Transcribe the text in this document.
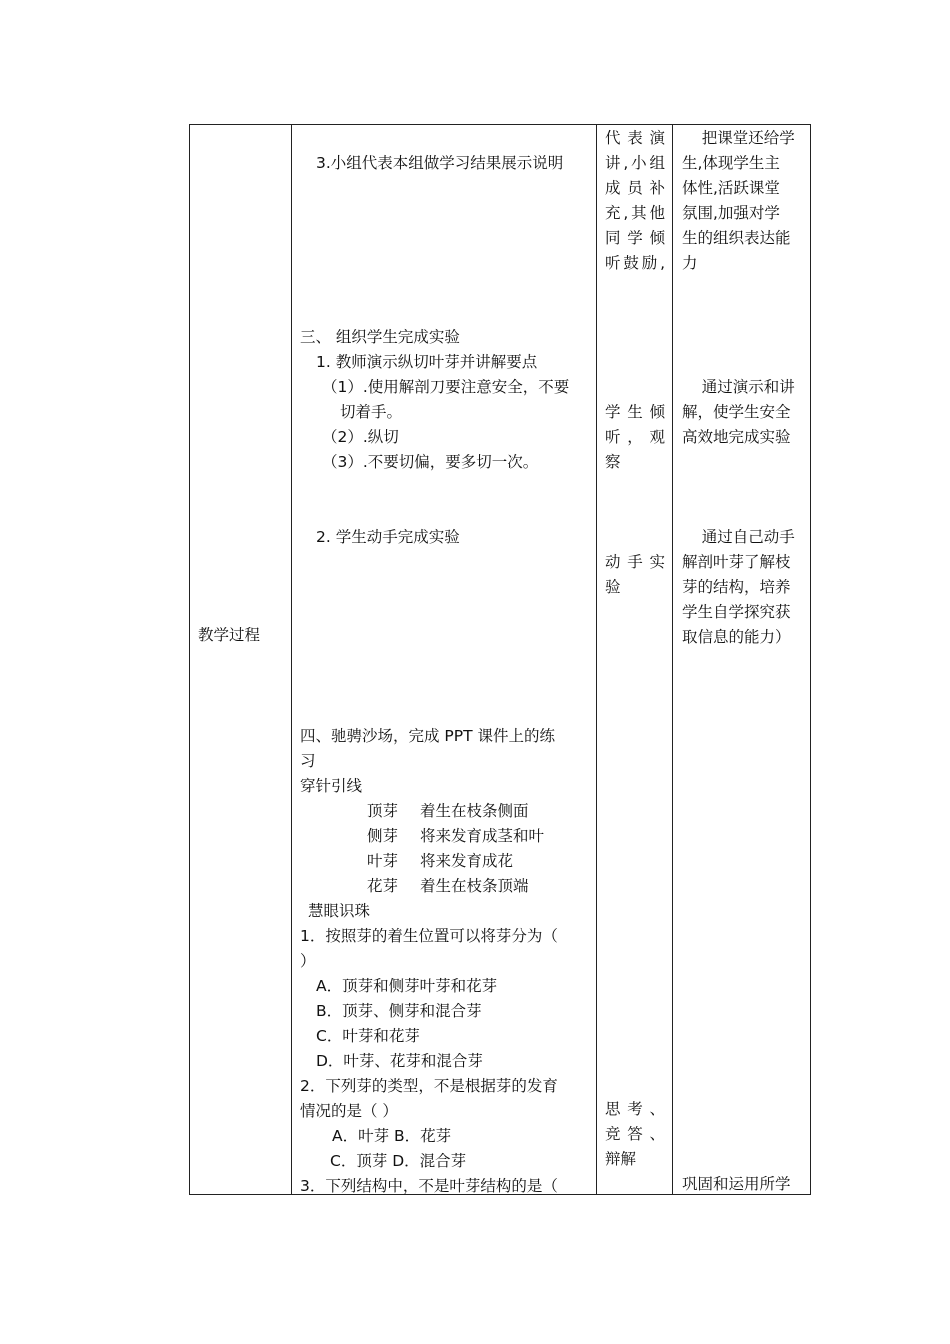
教学过程
3.小组代表本组做学习结果展示说明
三、 组织学生完成实验
1. 教师演示纵切叶芽并讲解要点
（1）.使用解剖刀要注意安全，不要
切着手。
（2）.纵切
（3）.不要切偏，要多切一次。
2. 学生动手完成实验
四、驰骋沙场，完成 PPT 课件上的练
习
穿针引线
顶芽 着生在枝条侧面
侧芽 将来发育成茎和叶
叶芽 将来发育成花
花芽 着生在枝条顶端
慧眼识珠
1．按照芽的着生位置可以将芽分为（
）
A．顶芽和侧芽叶芽和花芽
B．顶芽、侧芽和混合芽
C．叶芽和花芽
D．叶芽、花芽和混合芽
2．下列芽的类型，不是根据芽的发育
情况的是（ ）
A．叶芽 B．花芽
C．顶芽 D．混合芽
3．下列结构中，不是叶芽结构的是（
代表演
讲,小组
成员补
充,其他
同学倾
听鼓励,
学生倾
听，观
察
动手实
验
思考、
竞答、
辩解
把课堂还给学
生,体现学生主
体性,活跃课堂
氛围,加强对学
生的组织表达能
力
通过演示和讲
解，使学生安全
高效地完成实验
通过自己动手
解剖叶芽了解枝
芽的结构，培养
学生自学探究获
取信息的能力）
巩固和运用所学
